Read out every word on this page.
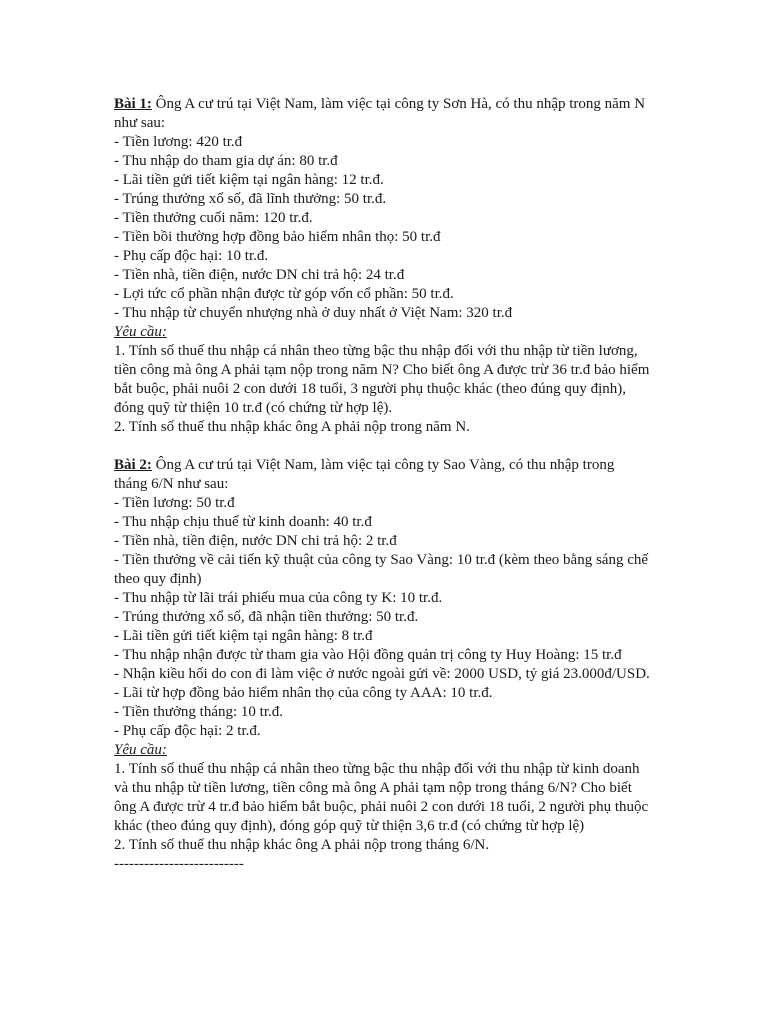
Bài 1: Ông A cư trú tại Việt Nam, làm việc tại công ty Sơn Hà, có thu nhập trong năm N
như sau:
- Tiền lương: 420 tr.đ
- Thu nhập do tham gia dự án: 80 tr.đ
- Lãi tiền gửi tiết kiệm tại ngân hàng: 12 tr.đ.
- Trúng thưởng xổ số, đã lĩnh thưởng: 50 tr.đ.
- Tiền thưởng cuối năm: 120 tr.đ.
- Tiền bồi thường hợp đồng bảo hiểm nhân thọ: 50 tr.đ
- Phụ cấp độc hại: 10 tr.đ.
- Tiền nhà, tiền điện, nước DN chi trả hộ: 24 tr.đ
- Lợi tức cổ phần nhận được từ góp vốn cổ phần: 50 tr.đ.
- Thu nhập từ chuyển nhượng nhà ở duy nhất ở Việt Nam: 320 tr.đ
Yêu cầu:
1. Tính số thuế thu nhập cá nhân theo từng bậc thu nhập đối với thu nhập từ tiền lương,
tiền công mà ông A phải tạm nộp trong năm N? Cho biết ông A được trừ 36 tr.đ bảo hiểm
bắt buộc, phải nuôi 2 con dưới 18 tuổi, 3 người phụ thuộc khác (theo đúng quy định),
đóng quỹ từ thiện 10 tr.đ (có chứng từ hợp lệ).
2. Tính số thuế thu nhập khác ông A phải nộp trong năm N.
Bài 2: Ông A cư trú tại Việt Nam, làm việc tại công ty Sao Vàng, có thu nhập trong
tháng 6/N như sau:
- Tiền lương: 50 tr.đ
- Thu nhập chịu thuế từ kinh doanh: 40 tr.đ
- Tiền nhà, tiền điện, nước DN chi trả hộ: 2 tr.đ
- Tiền thưởng về cải tiến kỹ thuật của công ty Sao Vàng: 10 tr.đ (kèm theo bằng sáng chế
theo quy định)
- Thu nhập từ lãi trái phiếu mua của công ty K: 10 tr.đ.
- Trúng thưởng xổ số, đã nhận tiền thưởng: 50 tr.đ.
- Lãi tiền gửi tiết kiệm tại ngân hàng: 8 tr.đ
- Thu nhập nhận được từ tham gia vào Hội đồng quản trị công ty Huy Hoàng: 15 tr.đ
- Nhận kiều hối do con đi làm việc ở nước ngoài gửi về: 2000 USD, tỷ giá 23.000đ/USD.
- Lãi từ hợp đồng bảo hiểm nhân thọ của công ty AAA: 10 tr.đ.
- Tiền thưởng tháng: 10 tr.đ.
- Phụ cấp độc hại: 2 tr.đ.
Yêu cầu:
1. Tính số thuế thu nhập cá nhân theo từng bậc thu nhập đối với thu nhập từ kinh doanh
và thu nhập từ tiền lương, tiền công mà ông A phải tạm nộp trong tháng 6/N? Cho biết
ông A được trừ 4 tr.đ bảo hiểm bắt buộc, phải nuôi 2 con dưới 18 tuổi, 2 người phụ thuộc
khác (theo đúng quy định), đóng góp quỹ từ thiện 3,6 tr.đ (có chứng từ hợp lệ)
2. Tính số thuế thu nhập khác ông A phải nộp trong tháng 6/N.
--------------------------
